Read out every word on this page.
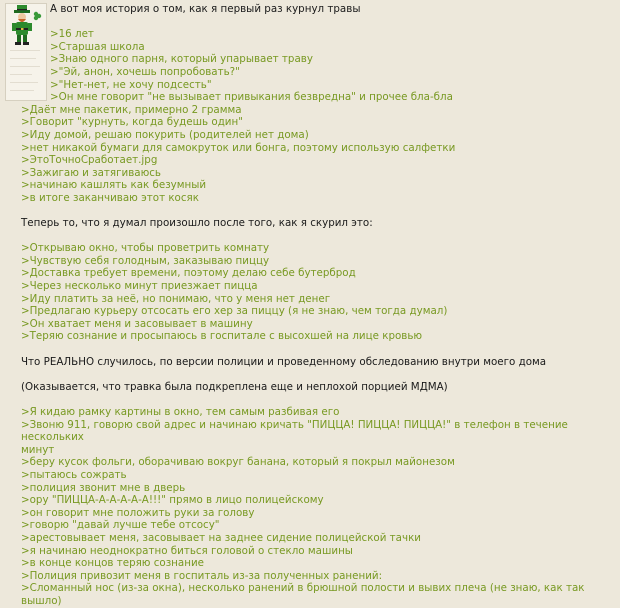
А вот моя история о том, как я первый раз курнул травы
>16 лет
>Старшая школа
>Знаю одного парня, который упарывает траву
>"Эй, анон, хочешь попробовать?"
>"Нет-нет, не хочу подсесть"
>Он мне говорит "не вызывает привыкания безвредна" и прочее бла-бла
>Даёт мне пакетик, примерно 2 грамма
>Говорит "курнуть, когда будешь один"
>Иду домой, решаю покурить (родителей нет дома)
>нет никакой бумаги для самокруток или бонга, поэтому использую салфетки
>ЭтоТочноСработает.jpg
>Зажигаю и затягиваюсь
>начинаю кашлять как безумный
>в итоге заканчиваю этот косяк
Теперь то, что я думал произошло после того, как я скурил это:
>Открываю окно, чтобы проветрить комнату
>Чувствую себя голодным, заказываю пиццу
>Доставка требует времени, поэтому делаю себе бутерброд
>Через несколько минут приезжает пицца
>Иду платить за неё, но понимаю, что у меня нет денег
>Предлагаю курьеру отсосать его хер за пиццу (я не знаю, чем тогда думал)
>Он хватает меня и засовывает в машину
>Теряю сознание и просыпаюсь в госпитале с высохшей на лице кровью
Что РЕАЛЬНО случилось, по версии полиции и проведенному обследованию внутри моего дома
(Оказывается, что травка была подкреплена еще и неплохой порцией МДМА)
>Я кидаю рамку картины в окно, тем самым разбивая его
>Звоню 911, говорю свой адрес и начинаю кричать "ПИЦЦА! ПИЦЦА! ПИЦЦА!" в телефон в течение нескольких
минут
>беру кусок фольги, оборачиваю вокруг банана, который я покрыл майонезом
>пытаюсь сожрать
>полиция звонит мне в дверь
>ору "ПИЦЦА-А-А-А-А-А!!!" прямо в лицо полицейскому
>он говорит мне положить руки за голову
>говорю "давай лучше тебе отсосу"
>арестовывает меня, засовывает на заднее сидение полицейской тачки
>я начинаю неоднократно биться головой о стекло машины
>в конце концов теряю сознание
>Полиция привозит меня в госпиталь из-за полученных ранений:
>Сломанный нос (из-за окна), несколько ранений в брюшной полости и вывих плеча (не знаю, как так вышло)
